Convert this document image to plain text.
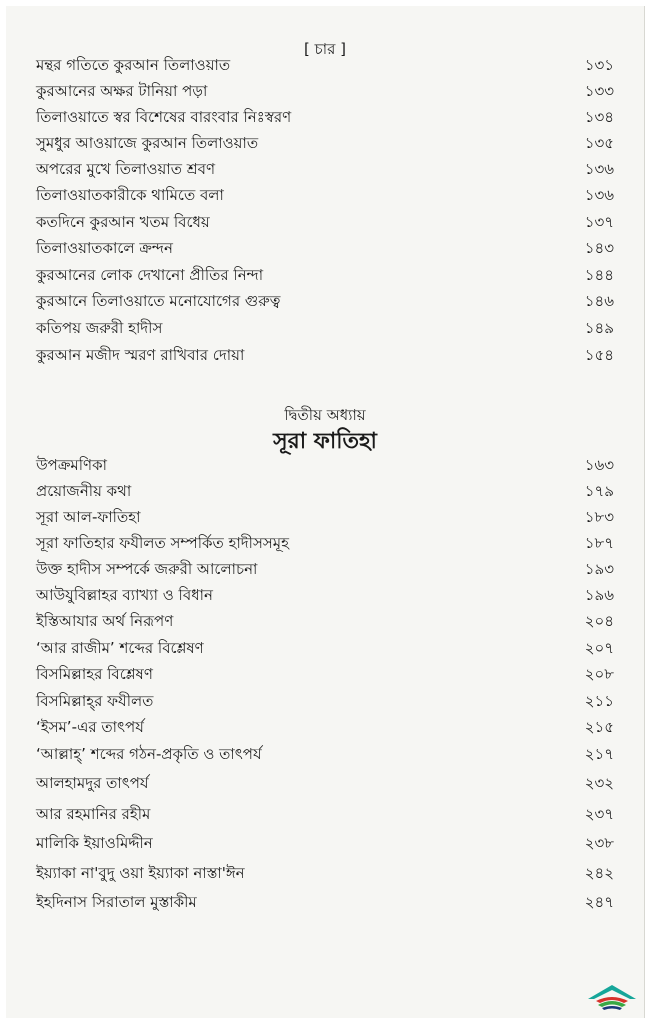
[ চার ]
মন্থর গতিতে কুরআন তিলাওয়াত	১৩১
কুরআনের অক্ষর টানিয়া পড়া	১৩৩
তিলাওয়াতে স্বর বিশেষের বারংবার নিঃস্বরণ	১৩৪
সুমধুর আওয়াজে কুরআন তিলাওয়াত	১৩৫
অপরের মুখে তিলাওয়াত শ্রবণ	১৩৬
তিলাওয়াতকারীকে থামিতে বলা	১৩৬
কতদিনে কুরআন খতম বিধেয়	১৩৭
তিলাওয়াতকালে ক্রন্দন	১৪৩
কুরআনের লোক দেখানো প্রীতির নিন্দা	১৪৪
কুরআনে তিলাওয়াতে মনোযোগের গুরুত্ব	১৪৬
কতিপয় জরুরী হাদীস	১৪৯
কুরআন মজীদ স্মরণ রাখিবার দোয়া	১৫৪
দ্বিতীয় অধ্যায়
সূরা ফাতিহা
উপক্রমণিকা	১৬৩
প্রয়োজনীয় কথা	১৭৯
সূরা আল-ফাতিহা	১৮৩
সূরা ফাতিহার ফযীলত সম্পর্কিত হাদীসসমূহ	১৮৭
উক্ত হাদীস সম্পর্কে জরুরী আলোচনা	১৯৩
আউযুবিল্লাহর ব্যাখ্যা ও বিধান	১৯৬
ইস্তিআযার অর্থ নিরূপণ	২০৪
‘আর রাজীম’ শব্দের বিশ্লেষণ	২০৭
বিসমিল্লাহর বিশ্লেষণ	২০৮
বিসমিল্লাহ্‌র ফযীলত	২১১
‘ইসম’-এর তাৎপর্য	২১৫
‘আল্লাহ্‌’ শব্দের গঠন-প্রকৃতি ও তাৎপর্য	২১৭
আলহামদুর তাৎপর্য	২৩২
আর রহমানির রহীম	২৩৭
মালিকি ইয়াওমিদ্দীন	২৩৮
ইয়্যাকা না'বুদু ওয়া ইয়্যাকা নাস্তা'ঈন	২৪২
ইহদিনাস সিরাতাল মুস্তাকীম	২৪৭
